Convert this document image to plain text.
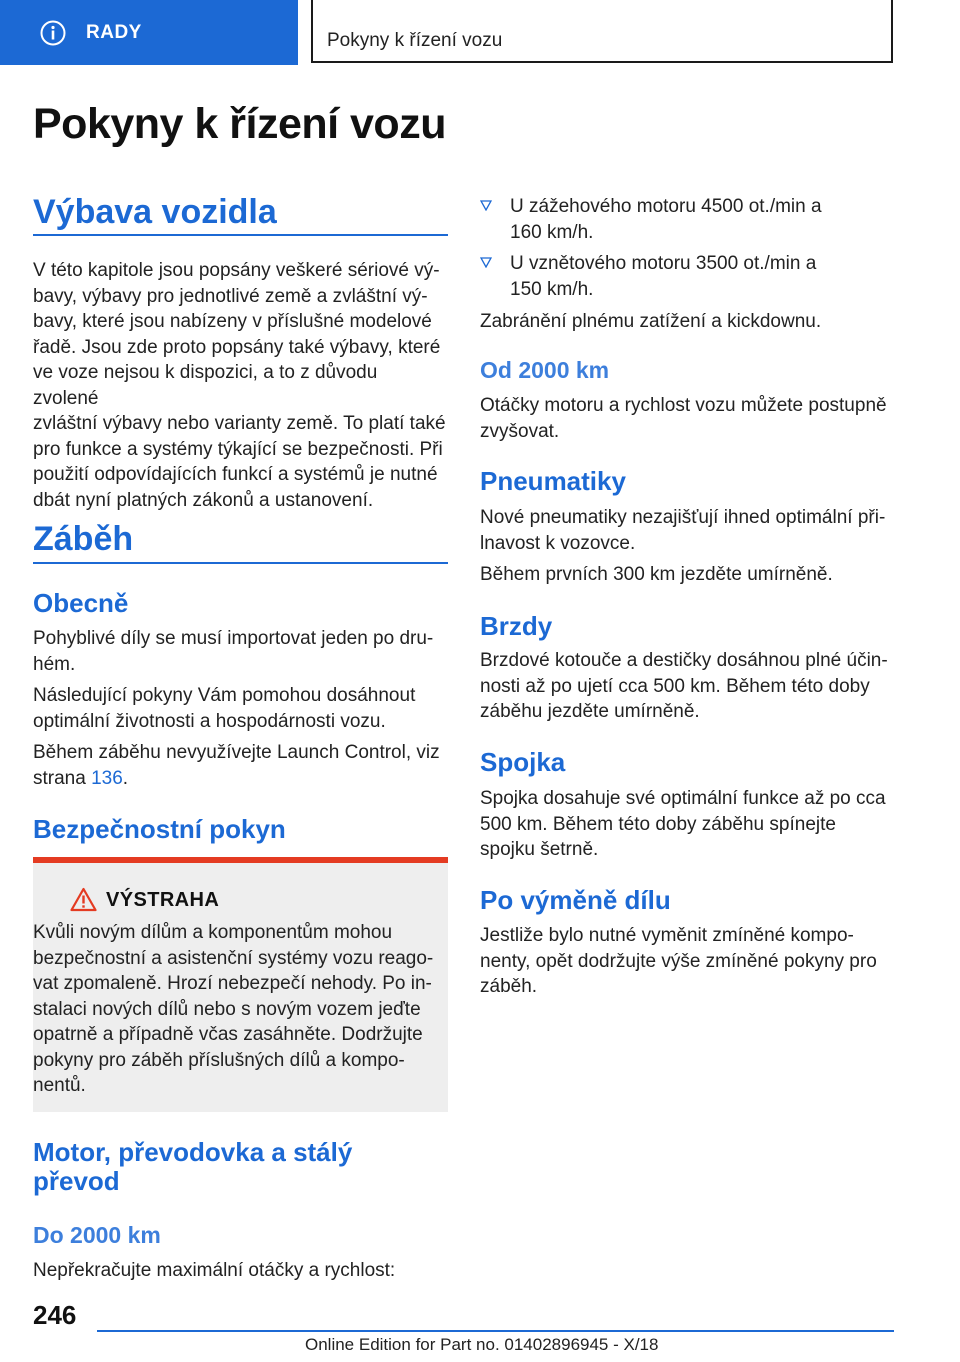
RADY	Pokyny k řízení vozu
Pokyny k řízení vozu
Výbava vozidla
V této kapitole jsou popsány veškeré sériové vý-
bavy, výbavy pro jednotlivé země a zvláštní vý-
bavy, které jsou nabízeny v příslušné modelové
řadě. Jsou zde proto popsány také výbavy, které
ve voze nejsou k dispozici, a to z důvodu zvolené
zvláštní výbavy nebo varianty země. To platí také
pro funkce a systémy týkající se bezpečnosti. Při
použití odpovídajících funkcí a systémů je nutné
dbát nyní platných zákonů a ustanovení.
Záběh
Obecně
Pohyblivé díly se musí importovat jeden po dru-
hém.
Následující pokyny Vám pomohou dosáhnout
optimální životnosti a hospodárnosti vozu.
Během záběhu nevyužívejte Launch Control, viz
strana 136.
Bezpečnostní pokyn
VÝSTRAHA
Kvůli novým dílům a komponentům mohou
bezpečnostní a asistenční systémy vozu reago-
vat zpomaleně. Hrozí nebezpečí nehody. Po in-
stalaci nových dílů nebo s novým vozem jeďte
opatrně a případně včas zasáhněte. Dodržujte
pokyny pro záběh příslušných dílů a kompo-
nentů.
Motor, převodovka a stálý
převod
Do 2000 km
Nepřekračujte maximální otáčky a rychlost:
U zážehového motoru 4500 ot./min a
160 km/h.
U vznětového motoru 3500 ot./min a
150 km/h.
Zabránění plnému zatížení a kickdownu.
Od 2000 km
Otáčky motoru a rychlost vozu můžete postupně
zvyšovat.
Pneumatiky
Nové pneumatiky nezajišťují ihned optimální při-
lnavost k vozovce.
Během prvních 300 km jezděte umírněně.
Brzdy
Brzdové kotouče a destičky dosáhnou plné účin-
nosti až po ujetí cca 500 km. Během této doby
záběhu jezděte umírněně.
Spojka
Spojka dosahuje své optimální funkce až po cca
500 km. Během této doby záběhu spínejte
spojku šetrně.
Po výměně dílu
Jestliže bylo nutné vyměnit zmíněné kompo-
nenty, opět dodržujte výše zmíněné pokyny pro
záběh.
246
Online Edition for Part no. 01402896945 - X/18
